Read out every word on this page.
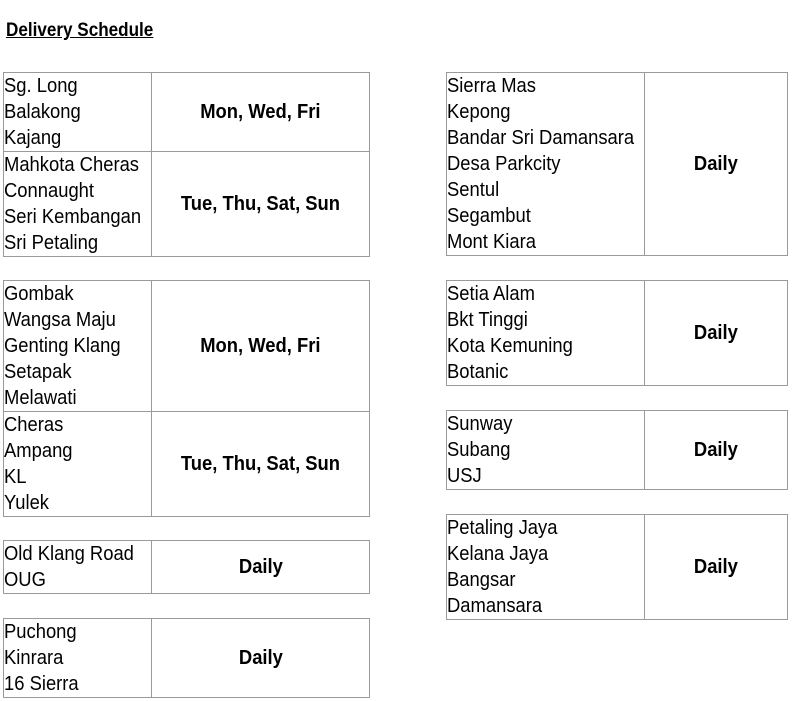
Delivery Schedule
Sg. Long
Balakong
Kajang	Mon, Wed, Fri

Mahkota Cheras
Connaught
Seri Kembangan
Sri Petaling	Tue, Thu, Sat, Sun
Gombak
Wangsa Maju
Genting Klang
Setapak
Melawati	Mon, Wed, Fri

Cheras
Ampang
KL
Yulek	Tue, Thu, Sat, Sun
Old Klang Road
OUG
	Daily
Puchong
Kinrara
16 Sierra
	Daily
Sierra Mas
Kepong
Bandar Sri Damansara
Desa Parkcity
Sentul
Segambut
Mont Kiara
	Daily
Setia Alam
Bkt Tinggi
Kota Kemuning
Botanic
	Daily
Sunway
Subang
USJ
	Daily
Petaling Jaya
Kelana Jaya
Bangsar
Damansara
	Daily
